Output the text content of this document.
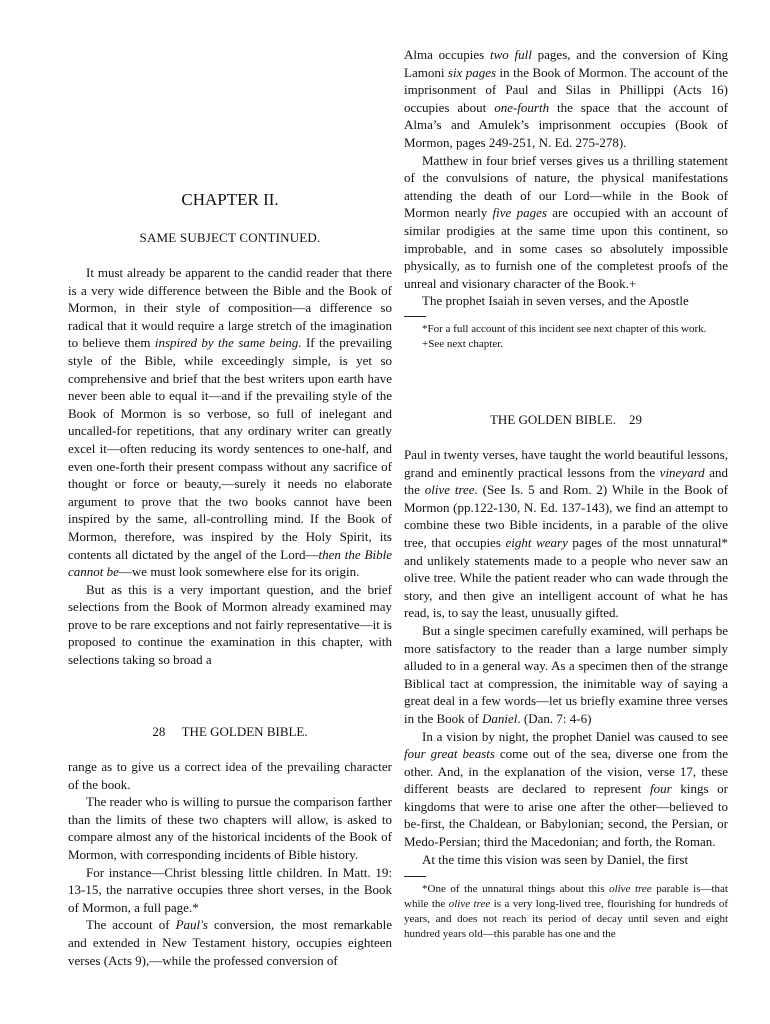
CHAPTER II.
SAME SUBJECT CONTINUED.

It must already be apparent to the candid reader that there is a very wide difference between the Bible and the Book of Mormon, in their style of composition—a difference so radical that it would require a large stretch of the imagination to believe them inspired by the same being. If the prevailing style of the Bible, while exceedingly simple, is yet so comprehensive and brief that the best writers upon earth have never been able to equal it—and if the prevailing style of the Book of Mormon is so verbose, so full of inelegant and uncalled-for repetitions, that any ordinary writer can greatly excel it—often reducing its wordy sentences to one-half, and even one-forth their present compass without any sacrifice of thought or force or beauty,—surely it needs no elaborate argument to prove that the two books cannot have been inspired by the same, all-controlling mind. If the Book of Mormon, therefore, was inspired by the Holy Spirit, its contents all dictated by the angel of the Lord—then the Bible cannot be—we must look somewhere else for its origin.

But as this is a very important question, and the brief selections from the Book of Mormon already examined may prove to be rare exceptions and not fairly representative—it is proposed to continue the examination in this chapter, with selections taking so broad a

28 THE GOLDEN BIBLE.

range as to give us a correct idea of the prevailing character of the book.

The reader who is willing to pursue the comparison farther than the limits of these two chapters will allow, is asked to compare almost any of the historical incidents of the Book of Mormon, with corresponding incidents of Bible history.

For instance—Christ blessing little children. In Matt. 19: 13-15, the narrative occupies three short verses, in the Book of Mormon, a full page.*

The account of Paul's conversion, the most remarkable and extended in New Testament history, occupies eighteen verses (Acts 9),—while the professed conversion of

Alma occupies two full pages, and the conversion of King Lamoni six pages in the Book of Mormon. The account of the imprisonment of Paul and Silas in Phillippi (Acts 16) occupies about one-fourth the space that the account of Alma’s and Amulek’s imprisonment occupies (Book of Mormon, pages 249-251, N. Ed. 275-278).

Matthew in four brief verses gives us a thrilling statement of the convulsions of nature, the physical manifestations attending the death of our Lord—while in the Book of Mormon nearly five pages are occupied with an account of similar prodigies at the same time upon this continent, so improbable, and in some cases so absolutely impossible physically, as to furnish one of the completest proofs of the unreal and visionary character of the Book.+

The prophet Isaiah in seven verses, and the Apostle

*For a full account of this incident see next chapter of this work.

+See next chapter.

THE GOLDEN BIBLE. 29

Paul in twenty verses, have taught the world beautiful lessons, grand and eminently practical lessons from the vineyard and the olive tree. (See Is. 5 and Rom. 2) While in the Book of Mormon (pp.122-130, N. Ed. 137-143), we find an attempt to combine these two Bible incidents, in a parable of the olive tree, that occupies eight weary pages of the most unnatural* and unlikely statements made to a people who never saw an olive tree. While the patient reader who can wade through the story, and then give an intelligent account of what he has read, is, to say the least, unusually gifted.

But a single specimen carefully examined, will perhaps be more satisfactory to the reader than a large number simply alluded to in a general way. As a specimen then of the strange Biblical tact at compression, the inimitable way of saying a great deal in a few words—let us briefly examine three verses in the Book of Daniel. (Dan. 7: 4-6)

In a vision by night, the prophet Daniel was caused to see four great beasts come out of the sea, diverse one from the other. And, in the explanation of the vision, verse 17, these different beasts are declared to represent four kings or kingdoms that were to arise one after the other—believed to be-first, the Chaldean, or Babylonian; second, the Persian, or Medo-Persian; third the Macedonian; and forth, the Roman.

At the time this vision was seen by Daniel, the first

*One of the unnatural things about this olive tree parable is—that while the olive tree is a very long-lived tree, flourishing for hundreds of years, and does not reach its period of decay until seven and eight hundred years old—this parable has one and the
